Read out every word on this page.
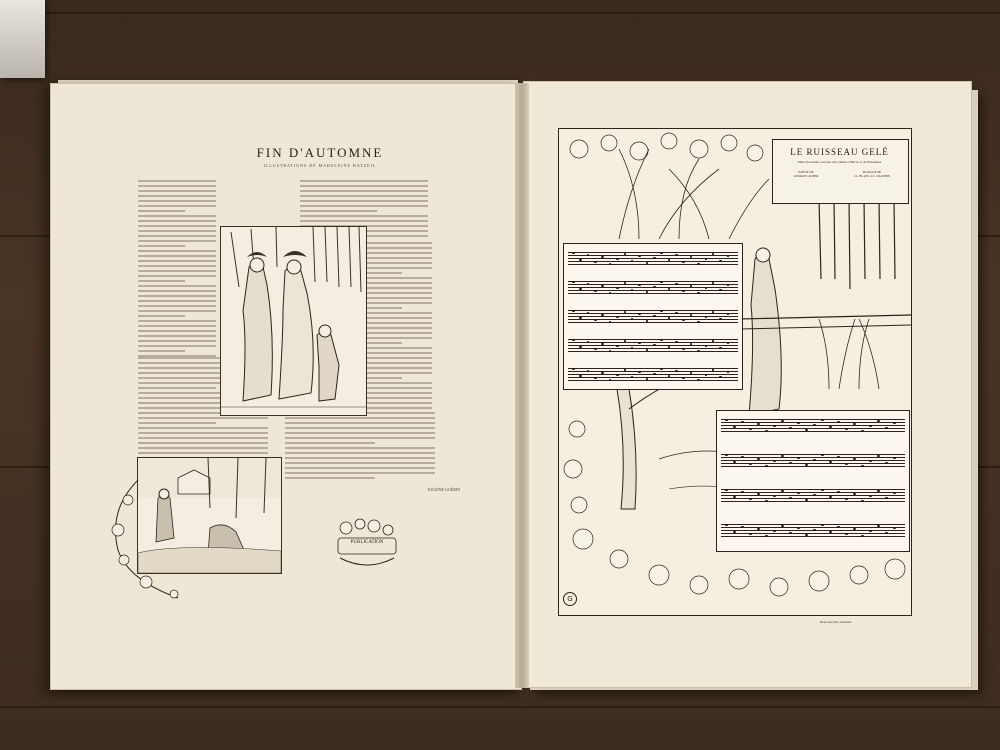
FIN D'AUTOMNE
ILLUSTRATIONS DE MADELEINE HATZEIL
EUGÈNE GUÉRIN
PUBLICATION
LE RUISSEAU GELÉ
Mélodie inédite extraite des Chants d'Hiver et de Printemps
POÉSIE DE
GEORGES AUBER
MUSIQUE DE
CL. BLANC et L. DAUPHIN
G
Reproduction interdite
